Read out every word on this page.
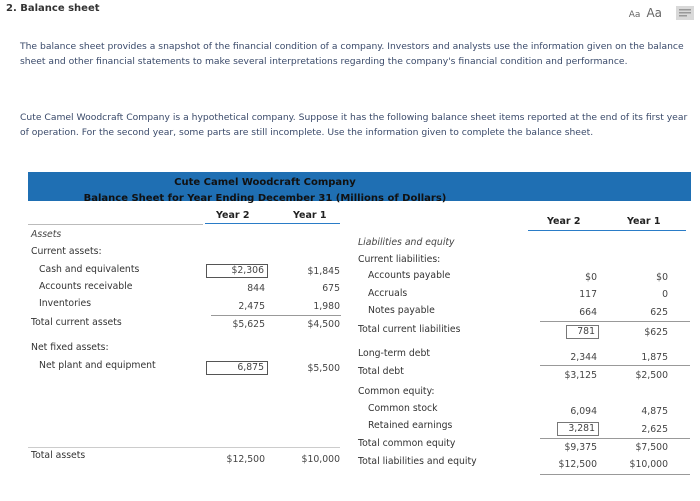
2. Balance sheet
Aa Aa
The balance sheet provides a snapshot of the financial condition of a company. Investors and analysts use the information given on the balance sheet and other financial statements to make several interpretations regarding the company's financial condition and performance.
Cute Camel Woodcraft Company is a hypothetical company. Suppose it has the following balance sheet items reported at the end of its first year of operation. For the second year, some parts are still incomplete. Use the information given to complete the balance sheet.
Cute Camel Woodcraft Company
Balance Sheet for Year Ending December 31 (Millions of Dollars)
Year 2	Year 1
Year 2	Year 1
Assets
Current assets:
Cash and equivalents	$2,306	$1,845
Accounts receivable	844	675
Inventories	2,475	1,980
Total current assets	$5,625	$4,500
Net fixed assets:
Net plant and equipment	6,875	$5,500
Total assets	$12,500	$10,000
Liabilities and equity
Current liabilities:
Accounts payable	$0	$0
Accruals	117	0
Notes payable	664	625
Total current liabilities	781	$625
Long-term debt	2,344	1,875
Total debt	$3,125	$2,500
Common equity:
Common stock	6,094	4,875
Retained earnings	3,281	2,625
Total common equity	$9,375	$7,500
Total liabilities and equity	$12,500	$10,000
